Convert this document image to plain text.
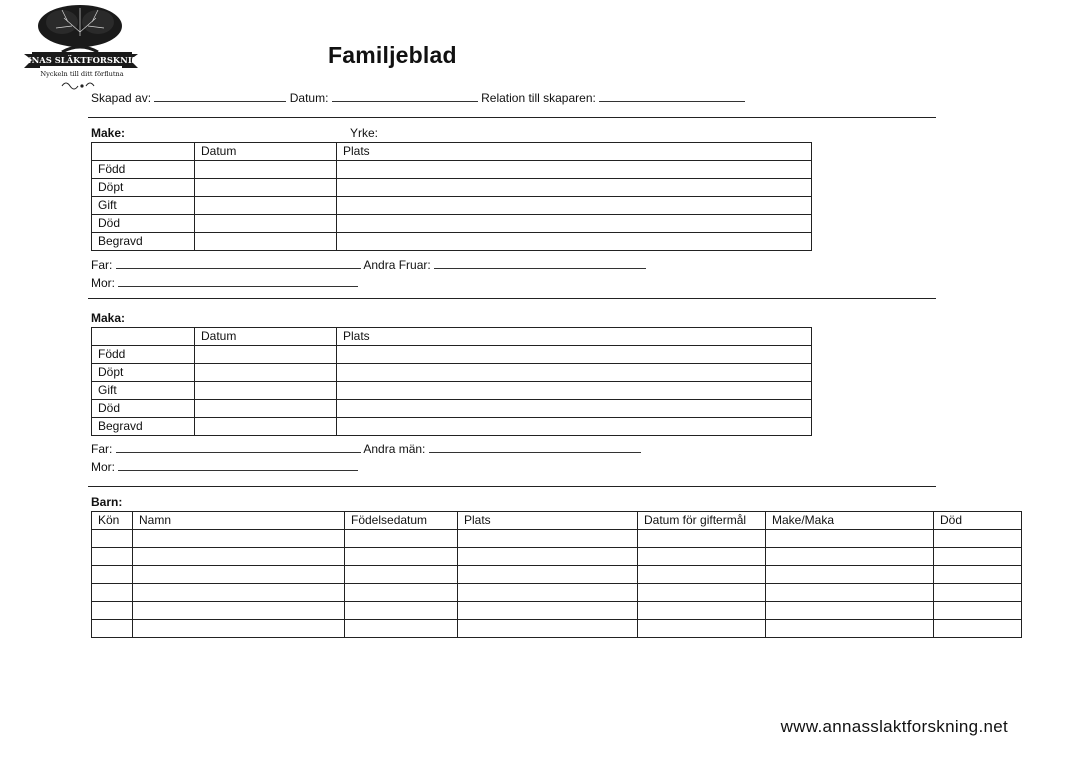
ANNAS SLÄKTFORSKNING
Nyckeln till ditt förflutna
Familjeblad
Skapad av:	Datum:	Relation till skaparen:
Make:	Yrke:
	Datum	Plats
Född		
Döpt		
Gift		
Död		
Begravd		
Far:	Andra Fruar:
Mor:
Maka:
	Datum	Plats
Född		
Döpt		
Gift		
Död		
Begravd		
Far:	Andra män:
Mor:
Barn:
Kön	Namn	Födelsedatum	Plats	Datum för giftermål	Make/Maka	Död

www.annasslaktforskning.net
